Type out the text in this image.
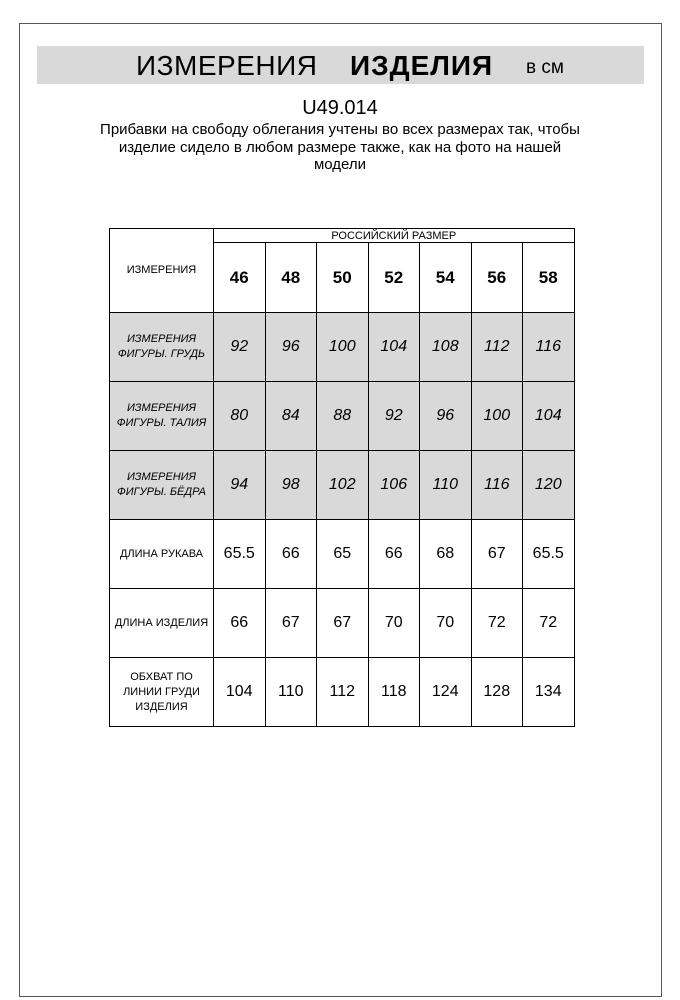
ИЗМЕРЕНИЯ ИЗДЕЛИЯ в см
U49.014
Прибавки на свободу облегания учтены во всех размерах так, чтобы изделие сидело в любом размере также, как на фото на нашей модели
ИЗМЕРЕНИЯ	РОССИЙСКИЙ РАЗМЕР						
	46	48	50	52	54	56	58
ИЗМЕРЕНИЯ ФИГУРЫ. ГРУДЬ	92	96	100	104	108	112	116
ИЗМЕРЕНИЯ ФИГУРЫ. ТАЛИЯ	80	84	88	92	96	100	104
ИЗМЕРЕНИЯ ФИГУРЫ. БЁДРА	94	98	102	106	110	116	120
ДЛИНА РУКАВА	65.5	66	65	66	68	67	65.5
ДЛИНА ИЗДЕЛИЯ	66	67	67	70	70	72	72
ОБХВАТ ПО ЛИНИИ ГРУДИ ИЗДЕЛИЯ	104	110	112	118	124	128	134
